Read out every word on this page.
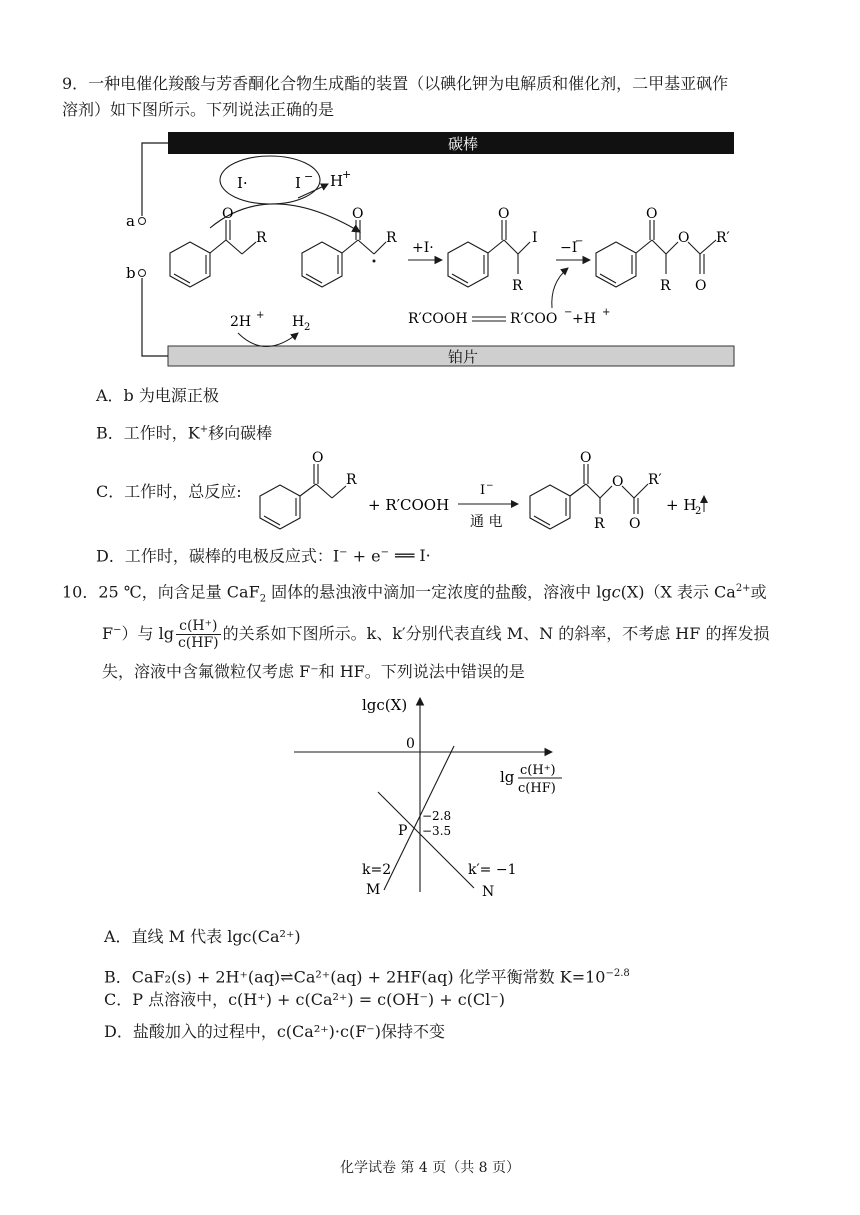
9．一种电催化羧酸与芳香酮化合物生成酯的装置（以碘化钾为电解质和催化剂，二甲基亚砜作
溶剂）如下图所示。下列说法正确的是
碳棒
铂片
a
b
I·	I − H
+
O
R
O
R
+I·
O
I
R
−I
−
O
O
R O
R′
R′COOH	R′COO − +H +
2H + H 2
A．b 为电源正极
B．工作时，K+移向碳棒
C．工作时，总反应:
O
R
+ R′COOH
I −
通 电
O
O
R O
R′
+ H
2
D．工作时，碳棒的电极反应式：I− + e− ══ I·
10．25 ℃，向含足量 CaF$_2$ 固体的悬浊液中滴加一定浓度的盐酸，溶液中 lgc(X)（X 表示 $Ca^{2+}$或
F−）与 $\lg \frac{c(H^+)}{c(HF)}$ 的关系如下图所示。k、k′分别代表直线 M、N 的斜率，不考虑 HF 的挥发损
失，溶液中含氟微粒仅考虑 F⁻和 HF。下列说法中错误的是
lgc(X)
0
lg c(H⁺)
c(HF)
−2.8
−3.5
P
k=2
M
k′= −1
N
A．直线 M 代表 lgc(Ca²⁺)
B．CaF₂(s) + 2H⁺(aq)⇌Ca²⁺(aq) + 2HF(aq) 化学平衡常数 $K=10^{-2.8}$
C．P 点溶液中，c(H⁺) + c(Ca²⁺) = c(OH⁻) + c(Cl⁻)
D．盐酸加入的过程中，c(Ca²⁺)·c(F⁻)保持不变
化学试卷 第 4 页（共 8 页）
